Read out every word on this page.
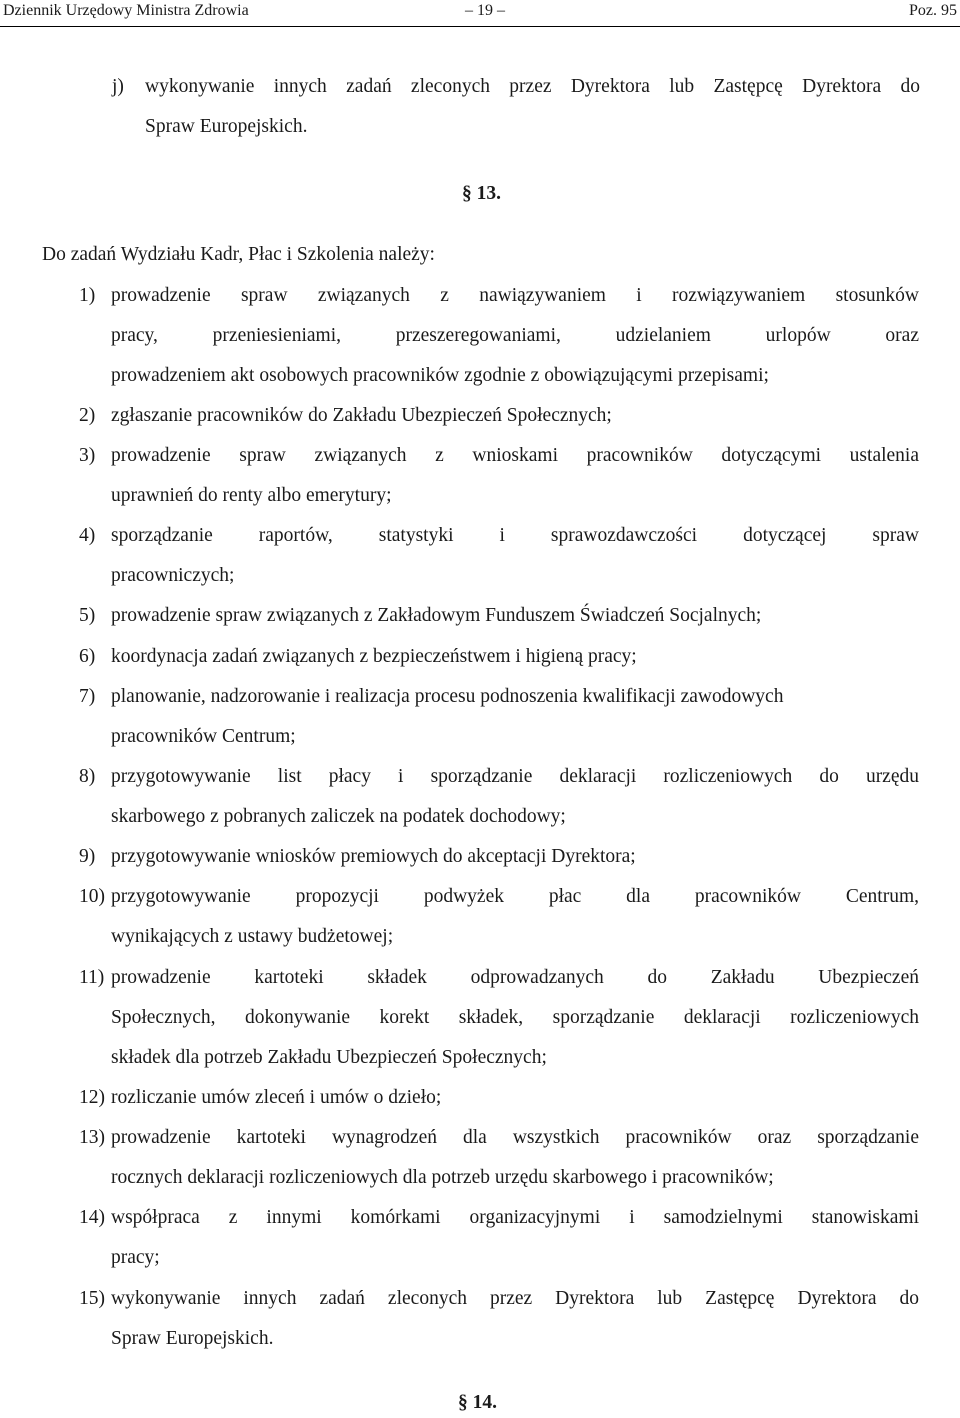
Dziennik Urzędowy Ministra Zdrowia	– 19 –	Poz. 95
j) wykonywanie innych zadań zleconych przez Dyrektora lub Zastępcę Dyrektora do
Spraw Europejskich.
§ 13.
Do zadań Wydziału Kadr, Płac i Szkolenia należy:
1) prowadzenie spraw związanych z nawiązywaniem i rozwiązywaniem stosunków
pracy, przeniesieniami, przeszeregowaniami, udzielaniem urlopów oraz
prowadzeniem akt osobowych pracowników zgodnie z obowiązującymi przepisami;
2) zgłaszanie pracowników do Zakładu Ubezpieczeń Społecznych;
3) prowadzenie spraw związanych z wnioskami pracowników dotyczącymi ustalenia
uprawnień do renty albo emerytury;
4) sporządzanie raportów, statystyki i sprawozdawczości dotyczącej spraw
pracowniczych;
5) prowadzenie spraw związanych z Zakładowym Funduszem Świadczeń Socjalnych;
6) koordynacja zadań związanych z bezpieczeństwem i higieną pracy;
7) planowanie, nadzorowanie i realizacja procesu podnoszenia kwalifikacji zawodowych
pracowników Centrum;
8) przygotowywanie list płacy i sporządzanie deklaracji rozliczeniowych do urzędu
skarbowego z pobranych zaliczek na podatek dochodowy;
9) przygotowywanie wniosków premiowych do akceptacji Dyrektora;
10) przygotowywanie propozycji podwyżek płac dla pracowników Centrum,
wynikających z ustawy budżetowej;
11) prowadzenie kartoteki składek odprowadzanych do Zakładu Ubezpieczeń
Społecznych, dokonywanie korekt składek, sporządzanie deklaracji rozliczeniowych
składek dla potrzeb Zakładu Ubezpieczeń Społecznych;
12) rozliczanie umów zleceń i umów o dzieło;
13) prowadzenie kartoteki wynagrodzeń dla wszystkich pracowników oraz sporządzanie
rocznych deklaracji rozliczeniowych dla potrzeb urzędu skarbowego i pracowników;
14) współpraca z innymi komórkami organizacyjnymi i samodzielnymi stanowiskami
pracy;
15) wykonywanie innych zadań zleconych przez Dyrektora lub Zastępcę Dyrektora do
Spraw Europejskich.
§ 14.
